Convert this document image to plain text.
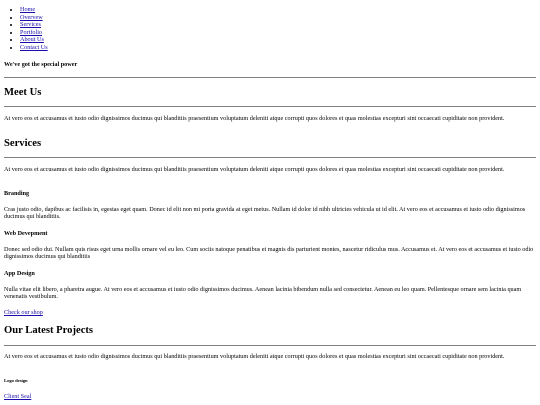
• Home
• Overvew
• Services
• Portfolio
• About Us
• Contact Us

We've got the special power

Meet Us

At vero eos et accusamus et iusto odio dignissimos ducimus qui blanditiis praesentium voluptatum deleniti atque corrupti quos dolores et quas molestias excepturi sint occaecati cupiditate non provident.

Services

At vero eos et accusamus et iusto odio dignissimos ducimus qui blanditiis praesentium voluptatum deleniti atque corrupti quos dolores et quas molestias excepturi sint occaecati cupiditate non provident.

Branding

Cras justo odio, dapibus ac facilisis in, egestas eget quam. Donec id elit non mi porta gravida at eget metus. Nullam id dolor id nibh ultricies vehicula ut id elit. At vero eos et accusamus et iusto odio dignissimos ducimus qui blanditiis.

Web Devepment

Donec sed odio dui. Nullam quis risus eget urna mollis ornare vel eu leo. Cum sociis natoque penatibus et magnis dis parturient montes, nascetur ridiculus mus. Accusamus et. At vero eos et accusamus et iusto odio dignissimos ducimus qui blanditiis

App Design

Nulla vitae elit libero, a pharetra augue. At vero eos et accusamus et iusto odio dignissimos ducimus. Aenean lacinia bibendum nulla sed consectetur. Aenean eu leo quam. Pellentesque ornare sem lacinia quam venenatis vestibulum.

Check our shop
Our Latest Projects

At vero eos et accusamus et iusto odio dignissimos ducimus qui blanditiis praesentium voluptatum deleniti atque corrupti quos dolores et quas molestias excepturi sint occaecati cupiditate non provident.

Logo design
Client Seal
